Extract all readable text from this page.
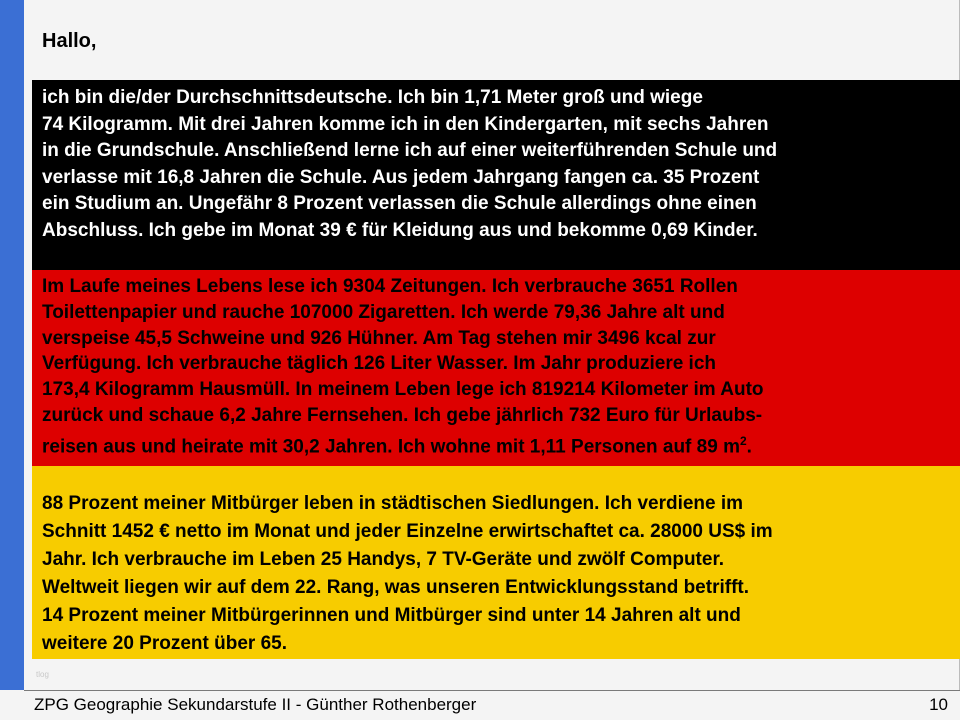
Hallo,

ich bin die/der Durchschnittsdeutsche. Ich bin 1,71 Meter groß und wiege
74 Kilogramm. Mit drei Jahren komme ich in den Kindergarten, mit sechs Jahren
in die Grundschule. Anschließend lerne ich auf einer weiterführenden Schule und
verlasse mit 16,8 Jahren die Schule. Aus jedem Jahrgang fangen ca. 35 Prozent
ein Studium an. Ungefähr 8 Prozent verlassen die Schule allerdings ohne einen
Abschluss. Ich gebe im Monat 39 € für Kleidung aus und bekomme 0,69 Kinder.

Im Laufe meines Lebens lese ich 9304 Zeitungen. Ich verbrauche 3651 Rollen
Toilettenpapier und rauche 107000 Zigaretten. Ich werde 79,36 Jahre alt und
verspeise 45,5 Schweine und 926 Hühner. Am Tag stehen mir 3496 kcal zur
Verfügung. Ich verbrauche täglich 126 Liter Wasser. Im Jahr produziere ich
173,4 Kilogramm Hausmüll. In meinem Leben lege ich 819214 Kilometer im Auto
zurück und schaue 6,2 Jahre Fernsehen. Ich gebe jährlich 732 Euro für Urlaubs-
reisen aus und heirate mit 30,2 Jahren. Ich wohne mit 1,11 Personen auf 89 $m^2$.

88 Prozent meiner Mitbürger leben in städtischen Siedlungen. Ich verdiene im
Schnitt 1452 € netto im Monat und jeder Einzelne erwirtschaftet ca. 28000 US$ im
Jahr. Ich verbrauche im Leben 25 Handys, 7 TV-Geräte und zwölf Computer.
Weltweit liegen wir auf dem 22. Rang, was unseren Entwicklungsstand betrifft.
14 Prozent meiner Mitbürgerinnen und Mitbürger sind unter 14 Jahren alt und
weitere 20 Prozent über 65.

tlog
ZPG Geographie Sekundarstufe II - Günther Rothenberger	10
